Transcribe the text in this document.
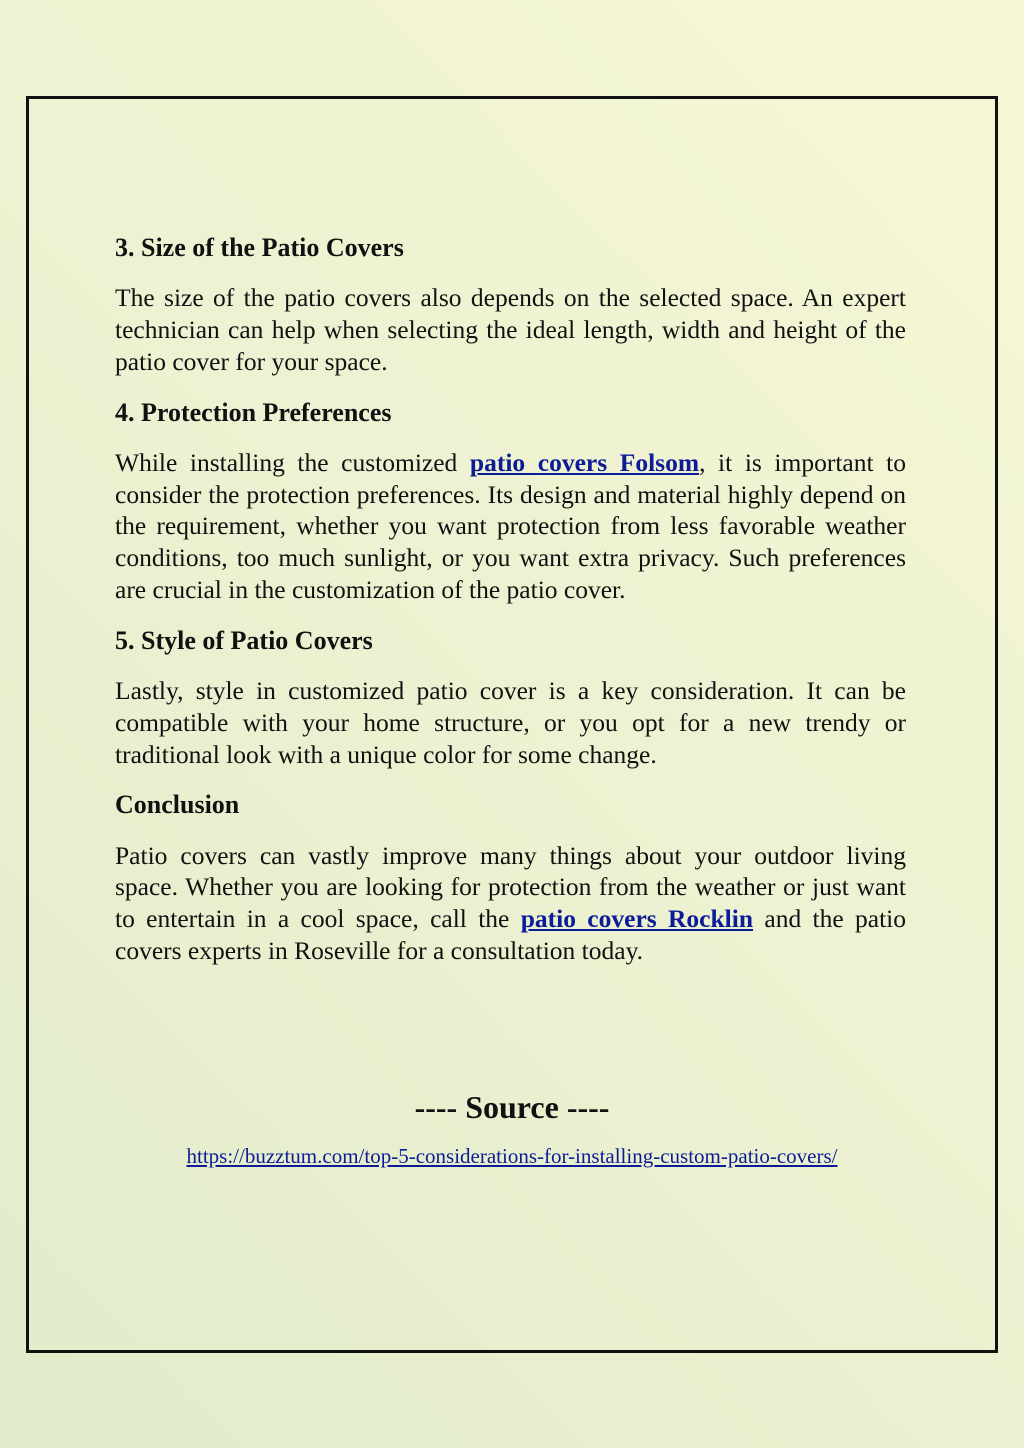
3. Size of the Patio Covers

The size of the patio covers also depends on the selected space. An expert technician can help when selecting the ideal length, width and height of the patio cover for your space.

4. Protection Preferences

While installing the customized patio covers Folsom, it is important to consider the protection preferences. Its design and material highly depend on the requirement, whether you want protection from less favorable weather conditions, too much sunlight, or you want extra privacy. Such preferences are crucial in the customization of the patio cover.

5. Style of Patio Covers

Lastly, style in customized patio cover is a key consideration. It can be compatible with your home structure, or you opt for a new trendy or traditional look with a unique color for some change.

Conclusion

Patio covers can vastly improve many things about your outdoor living space. Whether you are looking for protection from the weather or just want to entertain in a cool space, call the patio covers Rocklin and the patio covers experts in Roseville for a consultation today.

---- Source ----
https://buzztum.com/top-5-considerations-for-installing-custom-patio-covers/
